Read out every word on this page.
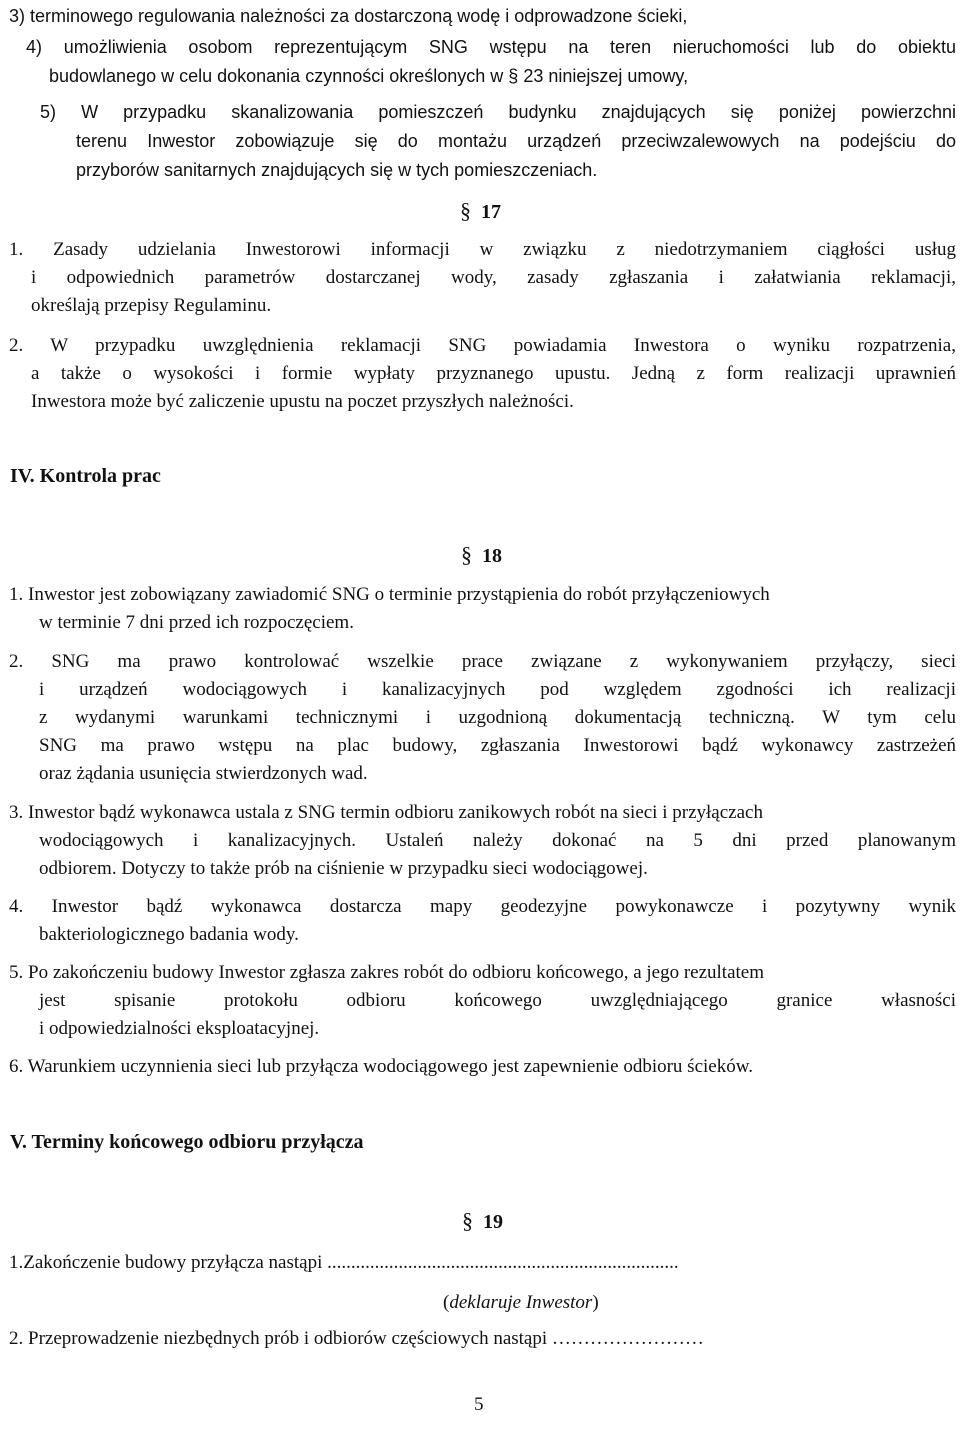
3) terminowego regulowania należności za dostarczoną wodę i odprowadzone ścieki,
4) umożliwienia osobom reprezentującym SNG wstępu na teren nieruchomości lub do obiektu
budowlanego w celu dokonania czynności określonych w § 23 niniejszej umowy,
5) W przypadku skanalizowania pomieszczeń budynku znajdujących się poniżej powierzchni
terenu Inwestor zobowiązuje się do montażu urządzeń przeciwzalewowych na podejściu do
przyborów sanitarnych znajdujących się w tych pomieszczeniach.
§ 17
1. Zasady udzielania Inwestorowi informacji w związku z niedotrzymaniem ciągłości usług
i odpowiednich parametrów dostarczanej wody, zasady zgłaszania i załatwiania reklamacji,
określają przepisy Regulaminu.
2. W przypadku uwzględnienia reklamacji SNG powiadamia Inwestora o wyniku rozpatrzenia,
a także o wysokości i formie wypłaty przyznanego upustu. Jedną z form realizacji uprawnień
Inwestora może być zaliczenie upustu na poczet przyszłych należności.
IV. Kontrola prac
§ 18
1. Inwestor jest zobowiązany zawiadomić SNG o terminie przystąpienia do robót przyłączeniowych
w terminie 7 dni przed ich rozpoczęciem.
2. SNG ma prawo kontrolować wszelkie prace związane z wykonywaniem przyłączy, sieci
i urządzeń wodociągowych i kanalizacyjnych pod względem zgodności ich realizacji
z wydanymi warunkami technicznymi i uzgodnioną dokumentacją techniczną. W tym celu
SNG ma prawo wstępu na plac budowy, zgłaszania Inwestorowi bądź wykonawcy zastrzeżeń
oraz żądania usunięcia stwierdzonych wad.
3. Inwestor bądź wykonawca ustala z SNG termin odbioru zanikowych robót na sieci i przyłączach
wodociągowych i kanalizacyjnych. Ustaleń należy dokonać na 5 dni przed planowanym
odbiorem. Dotyczy to także prób na ciśnienie w przypadku sieci wodociągowej.
4. Inwestor bądź wykonawca dostarcza mapy geodezyjne powykonawcze i pozytywny wynik
bakteriologicznego badania wody.
5. Po zakończeniu budowy Inwestor zgłasza zakres robót do odbioru końcowego, a jego rezultatem
jest spisanie protokołu odbioru końcowego uwzględniającego granice własności
i odpowiedzialności eksploatacyjnej.
6. Warunkiem uczynnienia sieci lub przyłącza wodociągowego jest zapewnienie odbioru ścieków.
V. Terminy końcowego odbioru przyłącza
§ 19
1.Zakończenie budowy przyłącza nastąpi ..........................................................................
(deklaruje Inwestor)
2. Przeprowadzenie niezbędnych prób i odbiorów częściowych nastąpi ……………………
5
